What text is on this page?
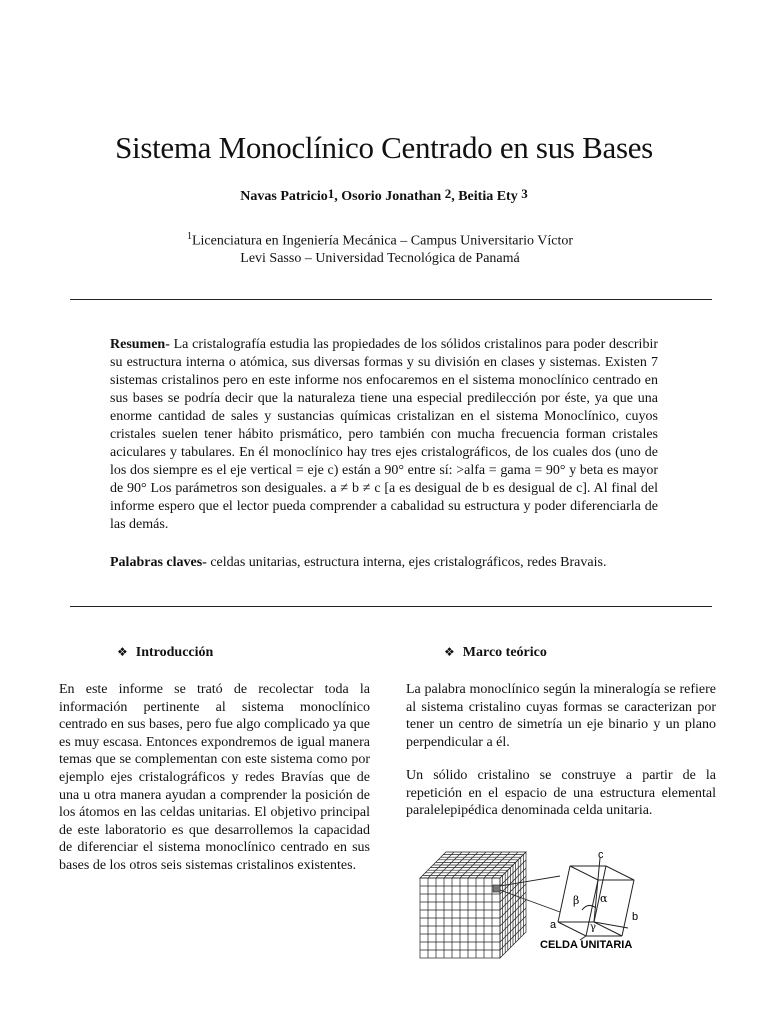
Sistema Monoclínico Centrado en sus Bases
Navas Patricio$^1$, Osorio Jonathan $^2$, Beitia Ety $^3$
$^1$Licenciatura en Ingeniería Mecánica – Campus Universitario Víctor Levi Sasso – Universidad Tecnológica de Panamá
Resumen- La cristalografía estudia las propiedades de los sólidos cristalinos para poder describir su estructura interna o atómica, sus diversas formas y su división en clases y sistemas. Existen 7 sistemas cristalinos pero en este informe nos enfocaremos en el sistema monoclínico centrado en sus bases se podría decir que la naturaleza tiene una especial predilección por éste, ya que una enorme cantidad de sales y sustancias químicas cristalizan en el sistema Monoclínico, cuyos cristales suelen tener hábito prismático, pero también con mucha frecuencia forman cristales aciculares y tabulares. En él monoclínico hay tres ejes cristalográficos, de los cuales dos (uno de los dos siempre es el eje vertical = eje c) están a 90° entre sí: >alfa = gama = 90° y beta es mayor de 90° Los parámetros son desiguales. a ≠ b ≠ c [a es desigual de b es desigual de c]. Al final del informe espero que el lector pueda comprender a cabalidad su estructura y poder diferenciarla de las demás.
Palabras claves- celdas unitarias, estructura interna, ejes cristalográficos, redes Bravais.
❖ Introducción	❖ Marco teórico
En este informe se trató de recolectar toda la información pertinente al sistema monoclínico centrado en sus bases, pero fue algo complicado ya que es muy escasa. Entonces expondremos de igual manera temas que se complementan con este sistema como por ejemplo ejes cristalográficos y redes Bravías que de una u otra manera ayudan a comprender la posición de los átomos en las celdas unitarias. El objetivo principal de este laboratorio es que desarrollemos la capacidad de diferenciar el sistema monoclínico centrado en sus bases de los otros seis sistemas cristalinos existentes.
La palabra monoclínico según la mineralogía se refiere al sistema cristalino cuyas formas se caracterizan por tener un centro de simetría un eje binario y un plano perpendicular a él.
Un sólido cristalino se construye a partir de la repetición en el espacio de una estructura elemental paralelepipédica denominada celda unitaria.
c
a
b
β α
γ
CELDA UNITARIA
